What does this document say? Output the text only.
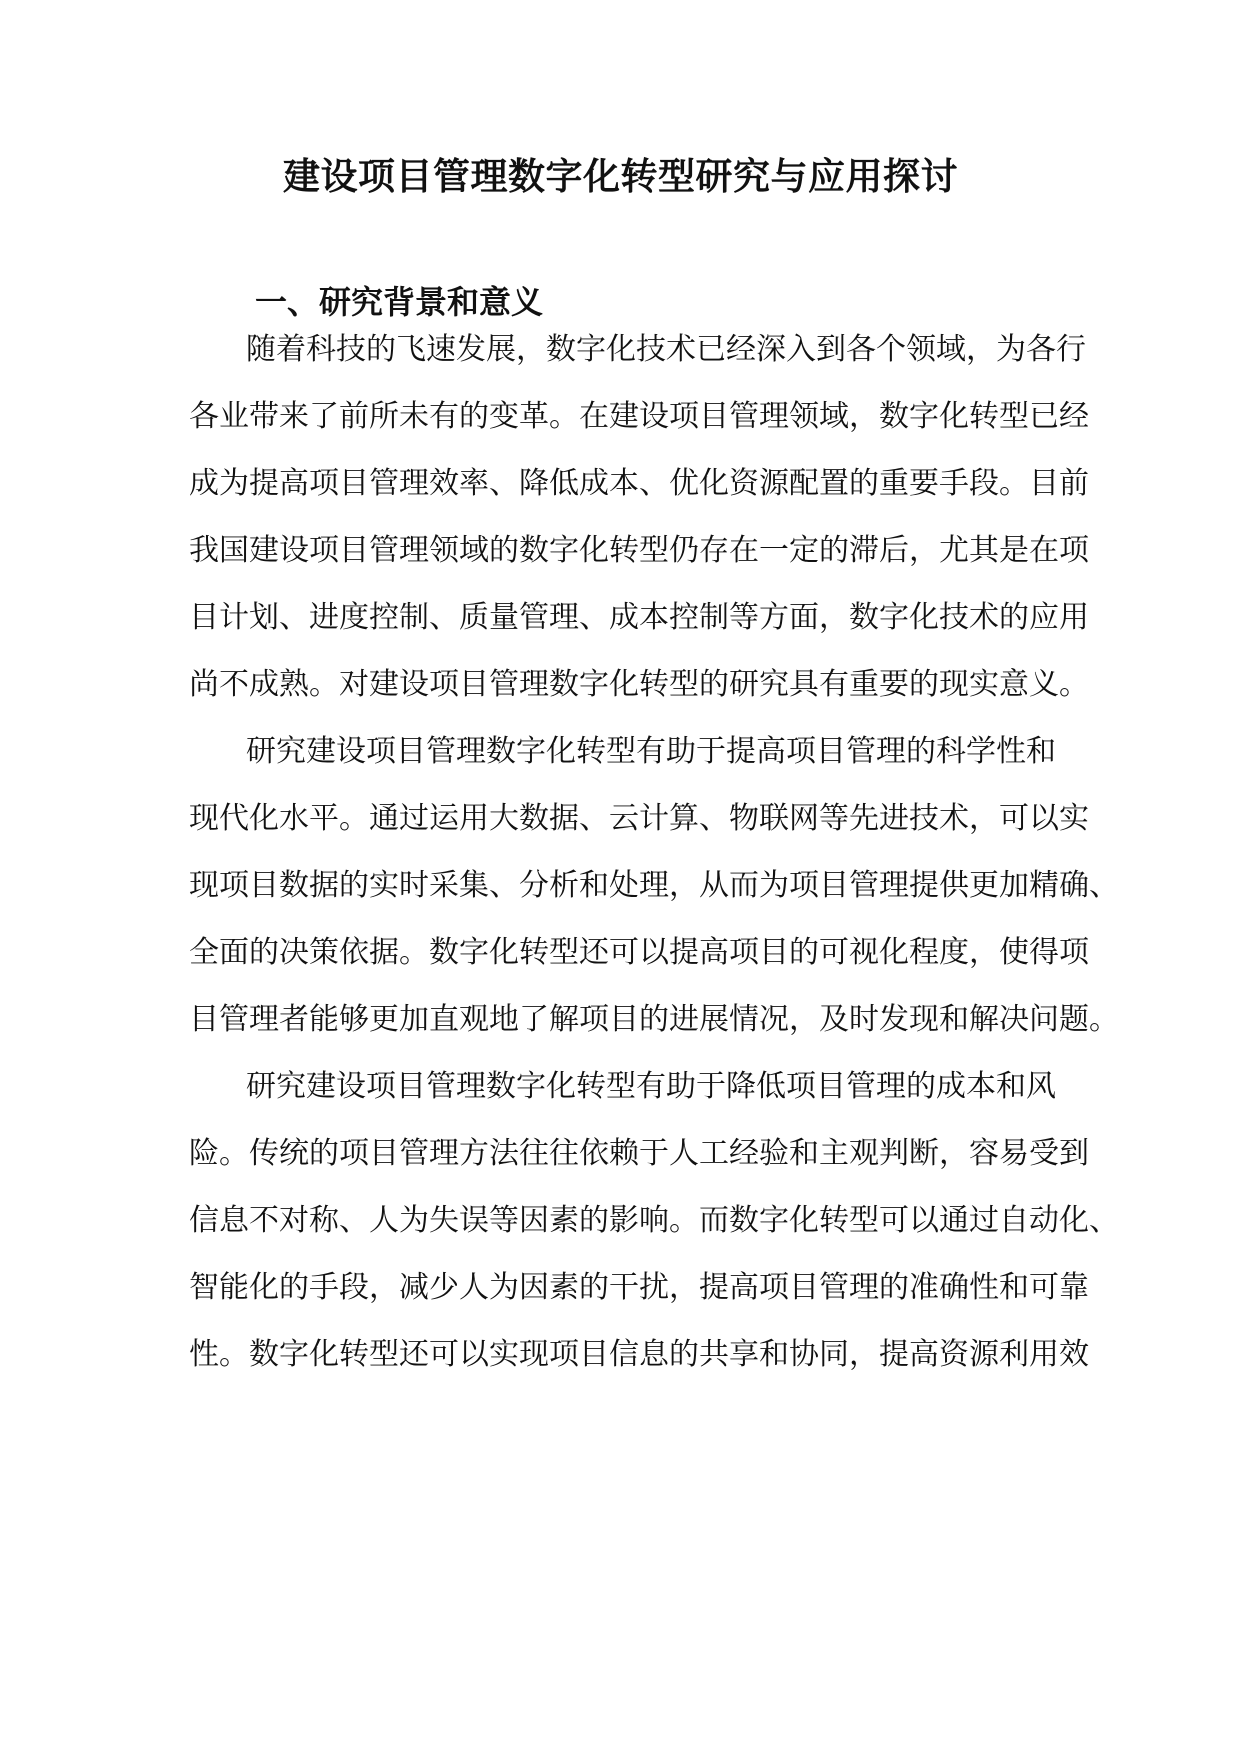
建设项目管理数字化转型研究与应用探讨
一、研究背景和意义

随着科技的飞速发展，数字化技术已经深入到各个领域，为各行

各业带来了前所未有的变革。在建设项目管理领域，数字化转型已经

成为提高项目管理效率、降低成本、优化资源配置的重要手段。目前

我国建设项目管理领域的数字化转型仍存在一定的滞后，尤其是在项

目计划、进度控制、质量管理、成本控制等方面，数字化技术的应用

尚不成熟。对建设项目管理数字化转型的研究具有重要的现实意义。

研究建设项目管理数字化转型有助于提高项目管理的科学性和

现代化水平。通过运用大数据、云计算、物联网等先进技术，可以实

现项目数据的实时采集、分析和处理，从而为项目管理提供更加精确、

全面的决策依据。数字化转型还可以提高项目的可视化程度，使得项

目管理者能够更加直观地了解项目的进展情况，及时发现和解决问题。

研究建设项目管理数字化转型有助于降低项目管理的成本和风

险。传统的项目管理方法往往依赖于人工经验和主观判断，容易受到

信息不对称、人为失误等因素的影响。而数字化转型可以通过自动化、

智能化的手段，减少人为因素的干扰，提高项目管理的准确性和可靠

性。数字化转型还可以实现项目信息的共享和协同，提高资源利用效
